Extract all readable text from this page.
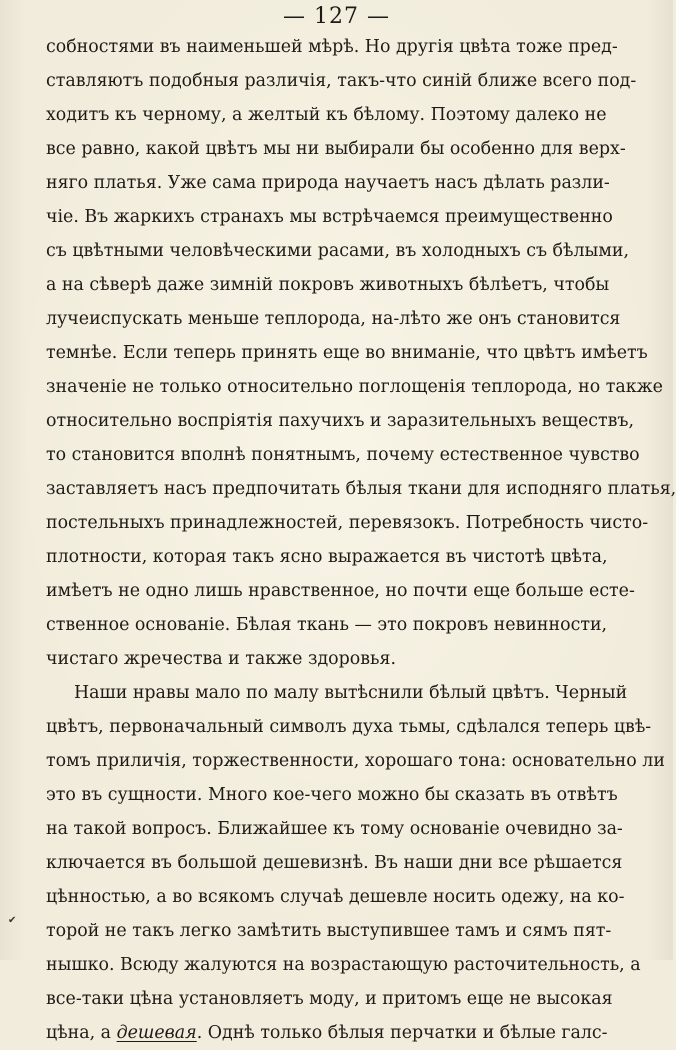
— 127 —
собностями въ наименьшей мѣрѣ. Но другія цвѣта тоже пред-
ставляютъ подобныя различія, такъ-что синій ближе всего под-
ходитъ къ черному, а желтый къ бѣлому. Поэтому далеко не
все равно, какой цвѣтъ мы ни выбирали бы особенно для верх-
няго платья. Уже сама природа научаетъ насъ дѣлать разли-
чіе. Въ жаркихъ странахъ мы встрѣчаемся преимущественно
съ цвѣтными человѣческими расами, въ холодныхъ съ бѣлыми,
а на сѣверѣ даже зимній покровъ животныхъ бѣлѣетъ, чтобы
лучеиспускать меньше теплорода, на-лѣто же онъ становится
темнѣе. Если теперь принять еще во вниманіе, что цвѣтъ имѣетъ
значеніе не только относительно поглощенія теплорода, но также
относительно воспріятія пахучихъ и заразительныхъ веществъ,
то становится вполнѣ понятнымъ, почему естественное чувство
заставляетъ насъ предпочитать бѣлыя ткани для исподняго платья,
постельныхъ принадлежностей, перевязокъ. Потребность чисто-
плотности, которая такъ ясно выражается въ чистотѣ цвѣта,
имѣетъ не одно лишь нравственное, но почти еще больше есте-
ственное основаніе. Бѣлая ткань — это покровъ невинности,
чистаго жречества и также здоровья.
Наши нравы мало по малу вытѣснили бѣлый цвѣтъ. Черный
цвѣтъ, первоначальный символъ духа тьмы, сдѣлался теперь цвѣ-
томъ приличія, торжественности, хорошаго тона: основательно ли
это въ сущности. Много кое-чего можно бы сказать въ отвѣтъ
на такой вопросъ. Ближайшее къ тому основаніе очевидно за-
ключается въ большой дешевизнѣ. Въ наши дни все рѣшается
цѣнностью, а во всякомъ случаѣ дешевле носить одежу, на ко-
торой не такъ легко замѣтить выступившее тамъ и сямъ пят-
нышко. Всюду жалуются на возрастающую расточительность, а
все-таки цѣна установляетъ моду, и притомъ еще не высокая
цѣна, а дешевая. Однѣ только бѣлыя перчатки и бѣлые галс-
✔
